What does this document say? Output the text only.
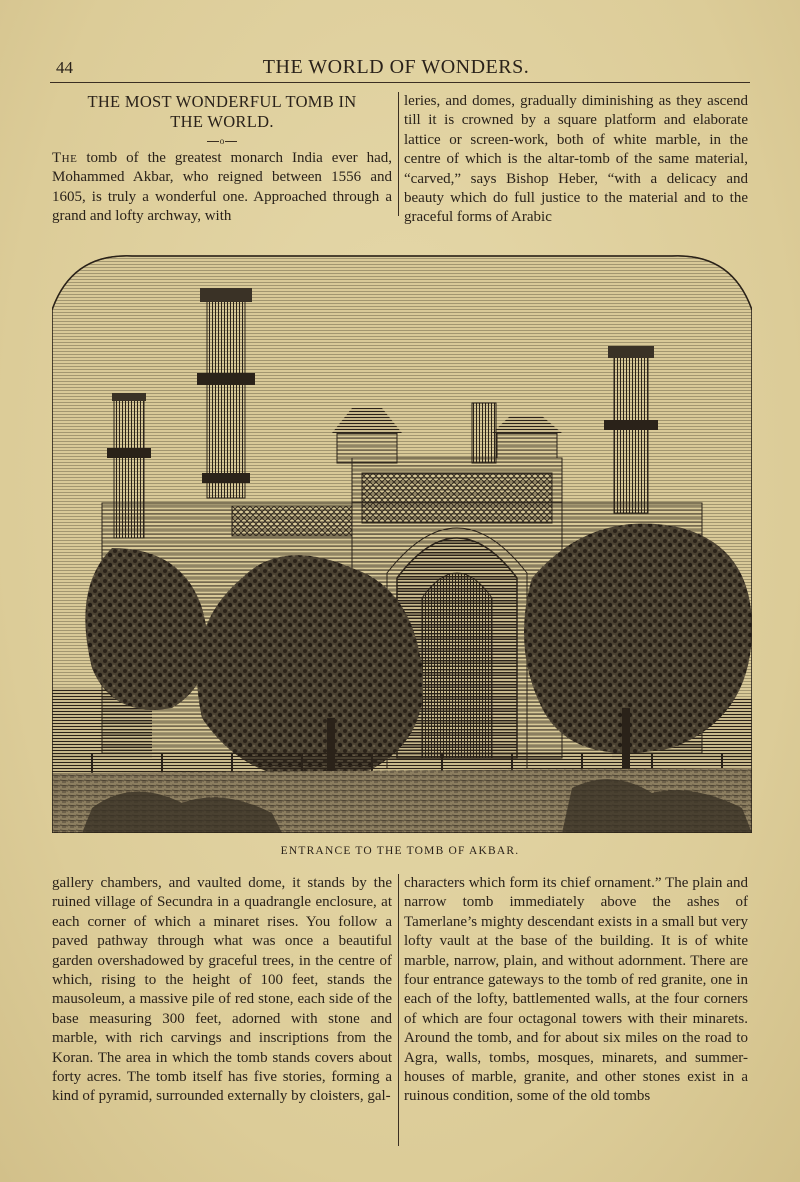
44	THE WORLD OF WONDERS.

THE MOST WONDERFUL TOMB IN

THE WORLD.

o

The tomb of the greatest monarch India ever had, Mohammed Akbar, who reigned between 1556 and 1605, is truly a wonderful one. Approached through a grand and lofty archway, with

leries, and domes, gradually diminishing as they ascend till it is crowned by a square platform and elaborate lattice or screen-work, both of white marble, in the centre of which is the altar-tomb of the same material, “carved,” says Bishop Heber, “with a delicacy and beauty which do full justice to the material and to the graceful forms of Arabic

ENTRANCE TO THE TOMB OF AKBAR.

gallery chambers, and vaulted dome, it stands by the ruined village of Secundra in a quadrangle enclosure, at each corner of which a minaret rises. You follow a paved pathway through what was once a beautiful garden overshadowed by graceful trees, in the centre of which, rising to the height of 100 feet, stands the mausoleum, a massive pile of red stone, each side of the base measuring 300 feet, adorned with stone and marble, with rich carvings and inscriptions from the Koran. The area in which the tomb stands covers about forty acres. The tomb itself has five stories, forming a kind of pyramid, surrounded externally by cloisters, gal-

characters which form its chief ornament.” The plain and narrow tomb immediately above the ashes of Tamerlane’s mighty descendant exists in a small but very lofty vault at the base of the building. It is of white marble, narrow, plain, and without adornment. There are four entrance gateways to the tomb of red granite, one in each of the lofty, battlemented walls, at the four corners of which are four octagonal towers with their minarets. Around the tomb, and for about six miles on the road to Agra, walls, tombs, mosques, minarets, and summer-houses of marble, granite, and other stones exist in a ruinous condition, some of the old tombs
